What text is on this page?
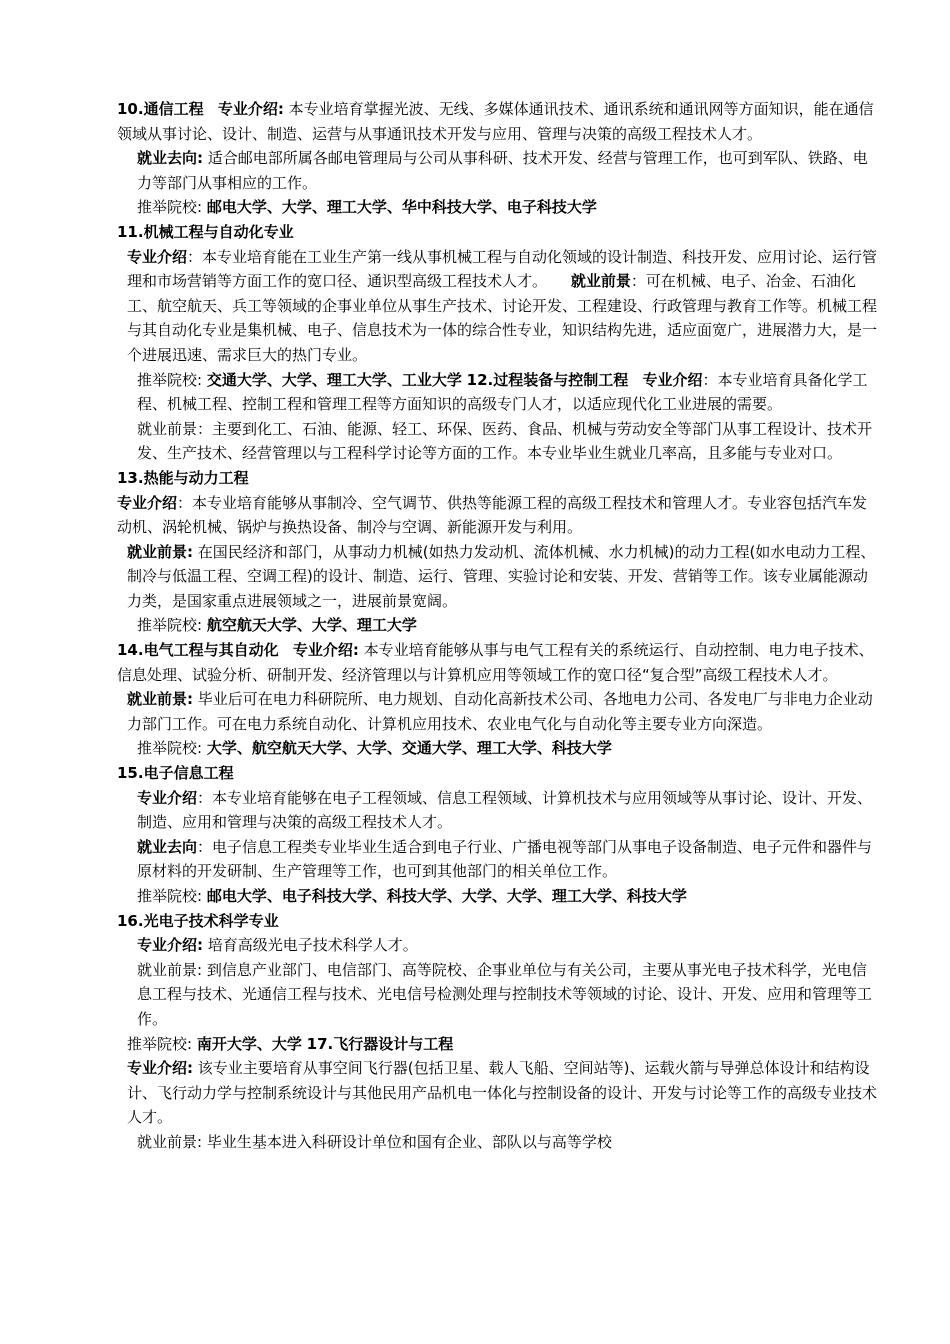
10.通信工程 专业介绍: 本专业培育掌握光波、无线、多媒体通讯技术、通讯系统和通讯网等方面知识，能在通信领域从事讨论、设计、制造、运营与从事通讯技术开发与应用、管理与决策的高级工程技术人才。

就业去向: 适合邮电部所属各邮电管理局与公司从事科研、技术开发、经营与管理工作，也可到军队、铁路、电力等部门从事相应的工作。

推举院校: 邮电大学、大学、理工大学、华中科技大学、电子科技大学

11.机械工程与自动化专业

专业介绍：本专业培育能在工业生产第一线从事机械工程与自动化领域的设计制造、科技开发、应用讨论、运行管理和市场营销等方面工作的宽口径、通识型高级工程技术人才。 就业前景：可在机械、电子、冶金、石油化工、航空航天、兵工等领域的企事业单位从事生产技术、讨论开发、工程建设、行政管理与教育工作等。机械工程与其自动化专业是集机械、电子、信息技术为一体的综合性专业，知识结构先进，适应面宽广，进展潜力大，是一个进展迅速、需求巨大的热门专业。

推举院校: 交通大学、大学、理工大学、工业大学 12.过程装备与控制工程 专业介绍：本专业培育具备化学工程、机械工程、控制工程和管理工程等方面知识的高级专门人才，以适应现代化工业进展的需要。

就业前景：主要到化工、石油、能源、轻工、环保、医药、食品、机械与劳动安全等部门从事工程设计、技术开发、生产技术、经营管理以与工程科学讨论等方面的工作。本专业毕业生就业几率高，且多能与专业对口。

13.热能与动力工程

专业介绍：本专业培育能够从事制冷、空气调节、供热等能源工程的高级工程技术和管理人才。专业容包括汽车发动机、涡轮机械、锅炉与换热设备、制冷与空调、新能源开发与利用。

就业前景: 在国民经济和部门，从事动力机械(如热力发动机、流体机械、水力机械)的动力工程(如水电动力工程、制冷与低温工程、空调工程)的设计、制造、运行、管理、实验讨论和安装、开发、营销等工作。该专业属能源动力类，是国家重点进展领域之一，进展前景宽阔。

推举院校: 航空航天大学、大学、理工大学

14.电气工程与其自动化 专业介绍: 本专业培育能够从事与电气工程有关的系统运行、自动控制、电力电子技术、信息处理、试验分析、研制开发、经济管理以与计算机应用等领域工作的宽口径“复合型”高级工程技术人才。

就业前景: 毕业后可在电力科研院所、电力规划、自动化高新技术公司、各地电力公司、各发电厂与非电力企业动力部门工作。可在电力系统自动化、计算机应用技术、农业电气化与自动化等主要专业方向深造。

推举院校: 大学、航空航天大学、大学、交通大学、理工大学、科技大学

15.电子信息工程

专业介绍：本专业培育能够在电子工程领域、信息工程领域、计算机技术与应用领域等从事讨论、设计、开发、制造、应用和管理与决策的高级工程技术人才。

就业去向：电子信息工程类专业毕业生适合到电子行业、广播电视等部门从事电子设备制造、电子元件和器件与原材料的开发研制、生产管理等工作，也可到其他部门的相关单位工作。

推举院校: 邮电大学、电子科技大学、科技大学、大学、大学、理工大学、科技大学

16.光电子技术科学专业

专业介绍: 培育高级光电子技术科学人才。

就业前景: 到信息产业部门、电信部门、高等院校、企事业单位与有关公司，主要从事光电子技术科学，光电信息工程与技术、光通信工程与技术、光电信号检测处理与控制技术等领域的讨论、设计、开发、应用和管理等工作。

推举院校: 南开大学、大学 17.飞行器设计与工程

专业介绍: 该专业主要培育从事空间飞行器(包括卫星、载人飞船、空间站等)、运载火箭与导弹总体设计和结构设计、飞行动力学与控制系统设计与其他民用产品机电一体化与控制设备的设计、开发与讨论等工作的高级专业技术人才。

就业前景: 毕业生基本进入科研设计单位和国有企业、部队以与高等学校
